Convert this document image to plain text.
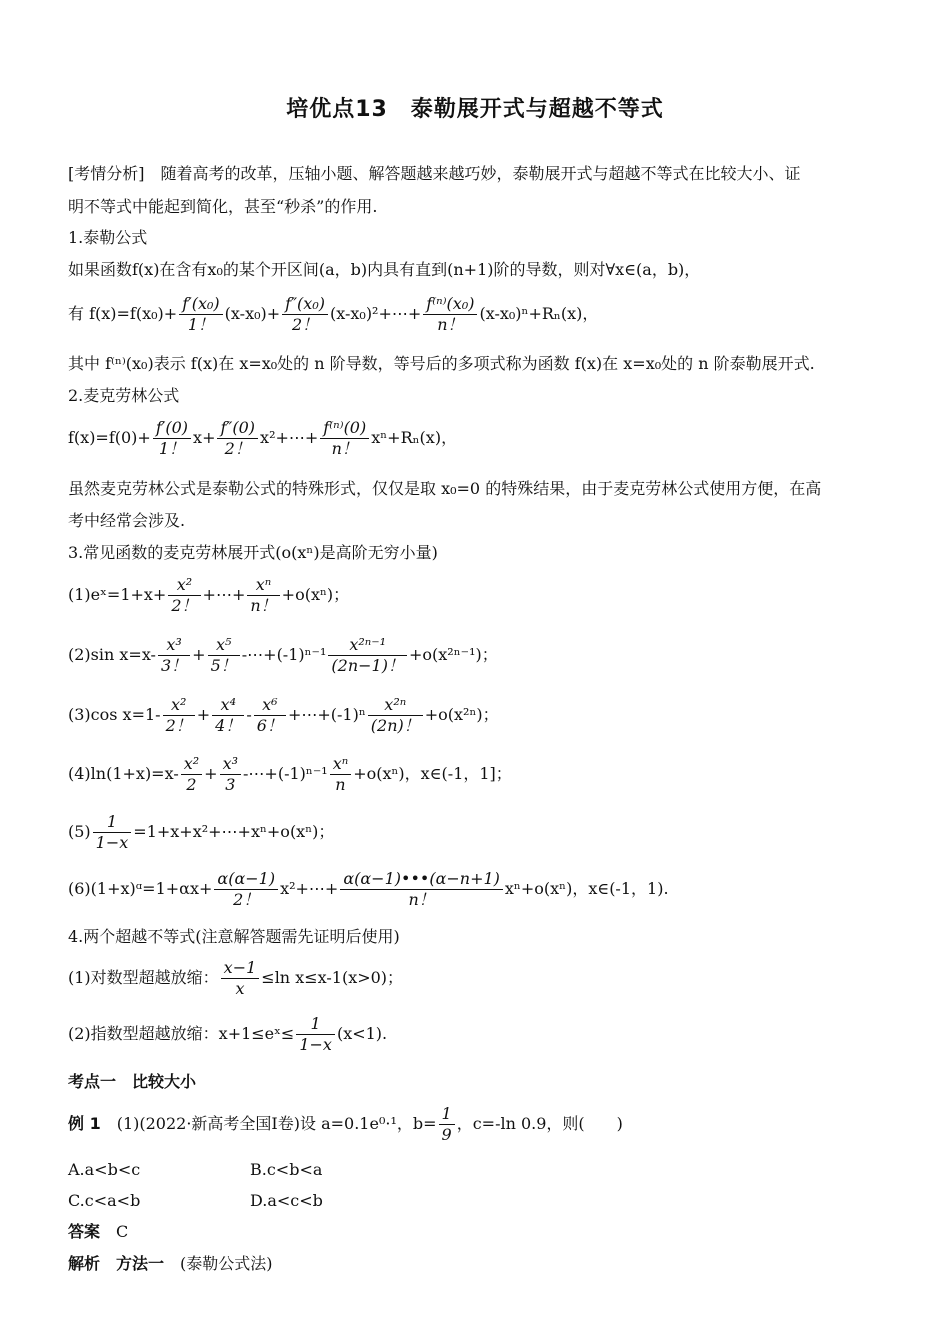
培优点13　泰勒展开式与超越不等式
[考情分析]　随着高考的改革，压轴小题、解答题越来越巧妙，泰勒展开式与超越不等式在比较大小、证
明不等式中能起到简化，甚至“秒杀”的作用.
1.泰勒公式
如果函数f(x)在含有x₀的某个开区间(a，b)内具有直到(n+1)阶的导数，则对∀x∈(a，b)，
有 $f(x)=f(x_0)+ \frac{\text{f′(x₀)}}{1!} (x-x_0)+ \frac{\text{f″(x₀)}}{2!}$ (x-x₀)²+⋯+ $\frac{\text{f⁽ⁿ⁾(x₀)}}{n!} (x-x_0)^n+R_n(x)$，
其中 f⁽ⁿ⁾(x₀)表示 f(x)在 x=x₀处的 n 阶导数，等号后的多项式称为函数 f(x)在 x=x₀处的 n 阶泰勒展开式.
2.麦克劳林公式
$f(x)=f(0)+ \frac{f'(0)}{1!} x+ \frac{f''(0)}{2!}$ x²+⋯+ $\frac{\text{f⁽ⁿ⁾(0)}}{n!} x^n+R_n(x)$，
虽然麦克劳林公式是泰勒公式的特殊形式，仅仅是取 x₀=0 的特殊结果，由于麦克劳林公式使用方便，在高
考中经常会涉及.
3.常见函数的麦克劳林展开式(o(xⁿ)是高阶无穷小量)
(1)eˣ=1+x+ $\frac{\text{x²}}{2!}$ +⋯+ $\frac{\text{xⁿ}}{n!} +o(x^n)$；
(2)sin $x=x- \frac{\text{x³}}{3!} + \frac{\text{x⁵}}{5!}$ -⋯+(-1)ⁿ⁻¹ $\frac{\text{x²ⁿ⁻¹}}{(2n-1)!} +o(x^{2n-1})$；
(3)cos $x=1- \frac{\text{x²}}{2!} + \frac{\text{x⁴}}{4!} - \frac{\text{x⁶}}{6!}$ +⋯+(-1)ⁿ $\frac{\text{x²ⁿ}}{(2n)!} +o(x^{2n})$；
$(4)\ln(1+x)=x- \frac{\text{x²}}{2} + \frac{\text{x³}}{3}$ -⋯+(-1)ⁿ⁻¹ $\frac{\text{xⁿ}}{n} +o(x^n)$，x∈(-1，1]；
$(5) \frac{1}{1-x}$ =1+x+x²+⋯+xⁿ+o(xⁿ)；
(6)(1+x)ᵅ=1+αx+ $\frac{\alpha(\alpha-1)}{2!}$ x²+⋯+ $\frac{\alpha(\alpha-1)•••(\alpha-n+1)}{n!} x^n+o(x^n)$，x∈(-1，1).
4.两个超越不等式(注意解答题需先证明后使用)
(1)对数型超越放缩： $\frac{x-1}{x} \le\ln$ x≤x-1(x>0)；
(2)指数型超越放缩：x+1≤eˣ≤ $\frac{1}{1-x} (x<1)$.
考点一　比较大小
例 1　(1)(2022·新高考全国Ⅰ卷)设 a=0.1e⁰·¹，$b= \frac{1}{9}$ ，c=-ln 0.9，则(　　)
A.a<b<c	B.c<b<a
C.c<a<b	D.a<c<b
答案　C
解析　方法一　(泰勒公式法)
